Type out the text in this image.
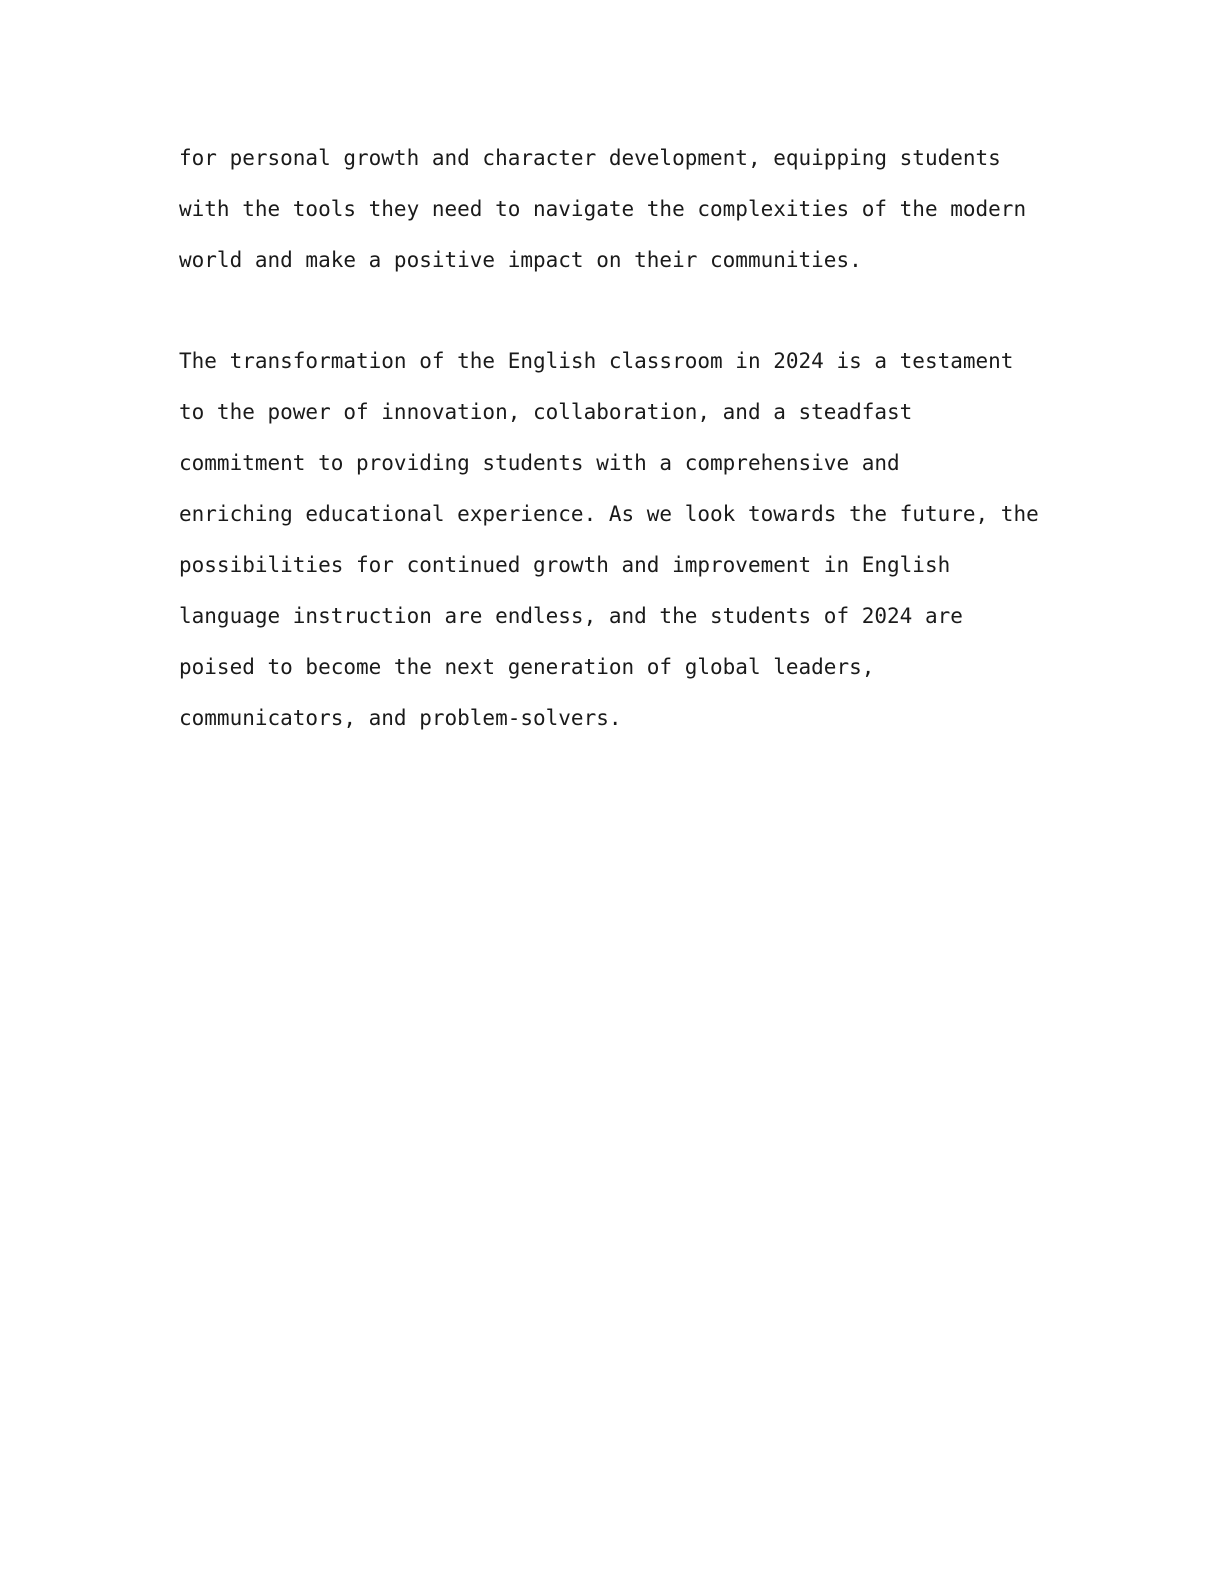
for personal growth and character development, equipping students
with the tools they need to navigate the complexities of the modern
world and make a positive impact on their communities.
The transformation of the English classroom in 2024 is a testament
to the power of innovation, collaboration, and a steadfast
commitment to providing students with a comprehensive and
enriching educational experience. As we look towards the future, the
possibilities for continued growth and improvement in English
language instruction are endless, and the students of 2024 are
poised to become the next generation of global leaders,
communicators, and problem-solvers.
